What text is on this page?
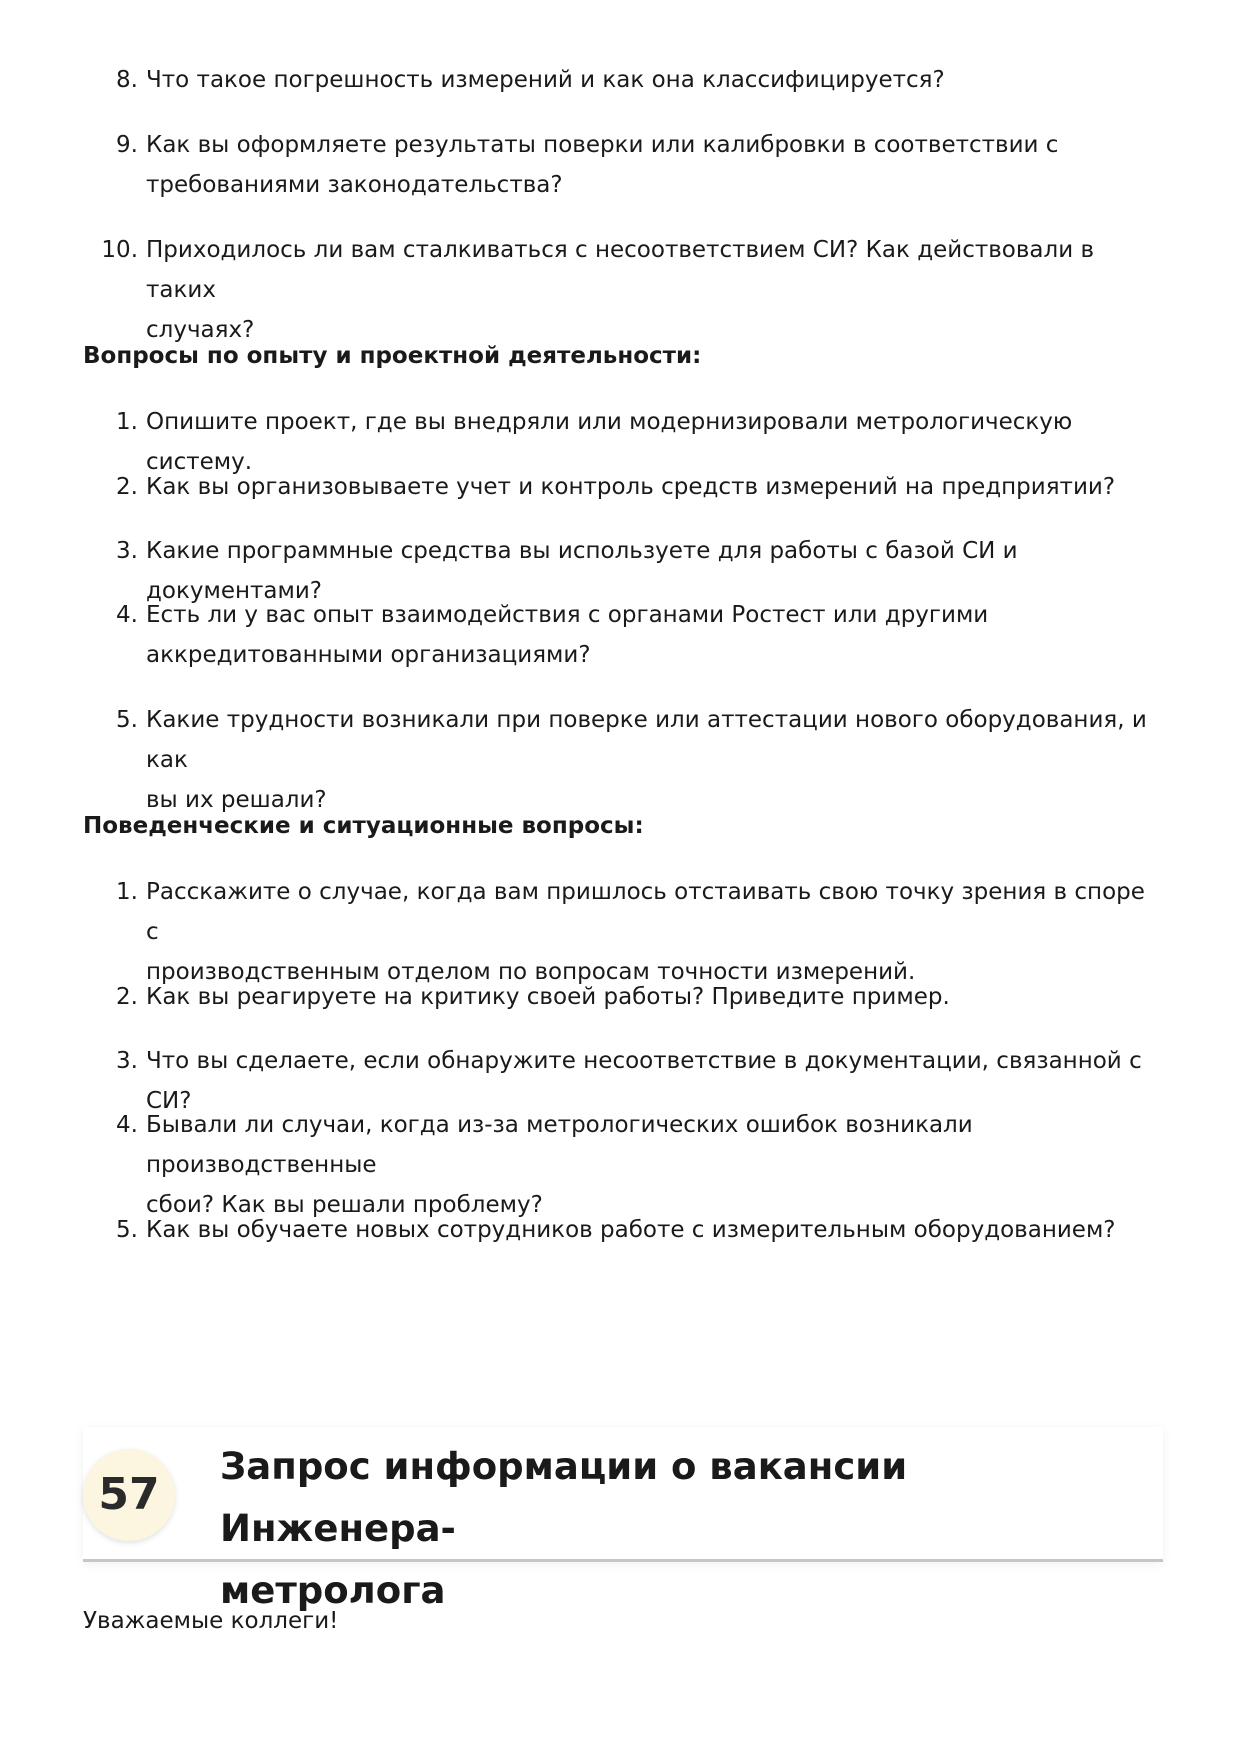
8. Что такое погрешность измерений и как она классифицируется?
9. Как вы оформляете результаты поверки или калибровки в соответствии с
требованиями законодательства?
10. Приходилось ли вам сталкиваться с несоответствием СИ? Как действовали в таких
случаях?

Вопросы по опыту и проектной деятельности:

1. Опишите проект, где вы внедряли или модернизировали метрологическую систему.
2. Как вы организовываете учет и контроль средств измерений на предприятии?
3. Какие программные средства вы используете для работы с базой СИ и документами?
4. Есть ли у вас опыт взаимодействия с органами Ростест или другими
аккредитованными организациями?
5. Какие трудности возникали при поверке или аттестации нового оборудования, и как
вы их решали?

Поведенческие и ситуационные вопросы:

1. Расскажите о случае, когда вам пришлось отстаивать свою точку зрения в споре с
производственным отделом по вопросам точности измерений.
2. Как вы реагируете на критику своей работы? Приведите пример.
3. Что вы сделаете, если обнаружите несоответствие в документации, связанной с СИ?
4. Бывали ли случаи, когда из-за метрологических ошибок возникали производственные
сбои? Как вы решали проблему?
5. Как вы обучаете новых сотрудников работе с измерительным оборудованием?
57
Запрос информации о вакансии Инженера-
метролога

Уважаемые коллеги!
